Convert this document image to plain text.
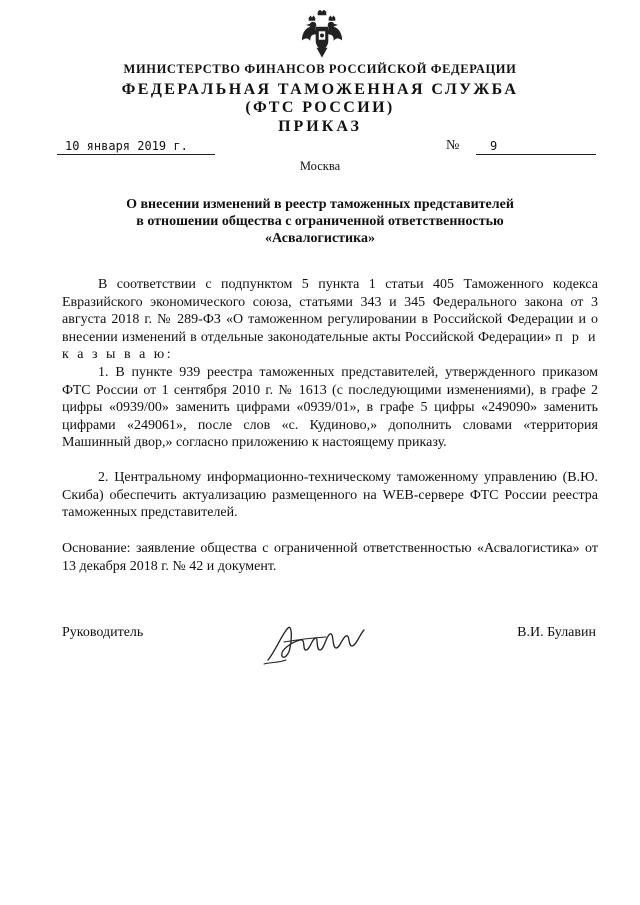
МИНИСТЕРСТВО ФИНАНСОВ РОССИЙСКОЙ ФЕДЕРАЦИИ
ФЕДЕРАЛЬНАЯ ТАМОЖЕННАЯ СЛУЖБА
(ФТС РОССИИ)
ПРИКАЗ
10 января 2019 г.	№	9
Москва
О внесении изменений в реестр таможенных представителей
в отношении общества с ограниченной ответственностью
«Асвалогистика»

В соответствии с подпунктом 5 пункта 1 статьи 405 Таможенного кодекса Евразийского экономического союза, статьями 343 и 345 Федерального закона от 3 августа 2018 г. № 289-ФЗ «О таможенном регулировании в Российской Федерации и о внесении изменений в отдельные законодательные акты Российской Федерации» п р и к а з ы в а ю:

1. В пункте 939 реестра таможенных представителей, утвержденного приказом ФТС России от 1 сентября 2010 г. № 1613 (с последующими изменениями), в графе 2 цифры «0939/00» заменить цифрами «0939/01», в графе 5 цифры «249090» заменить цифрами «249061», после слов «с. Кудиново,» дополнить словами «территория Машинный двор,» согласно приложению к настоящему приказу.

2. Центральному информационно-техническому таможенному управлению (В.Ю. Скиба) обеспечить актуализацию размещенного на WEB-сервере ФТС России реестра таможенных представителей.

Основание: заявление общества с ограниченной ответственностью «Асвалогистика» от 13 декабря 2018 г. № 42 и документ.

Руководитель	В.И. Булавин
